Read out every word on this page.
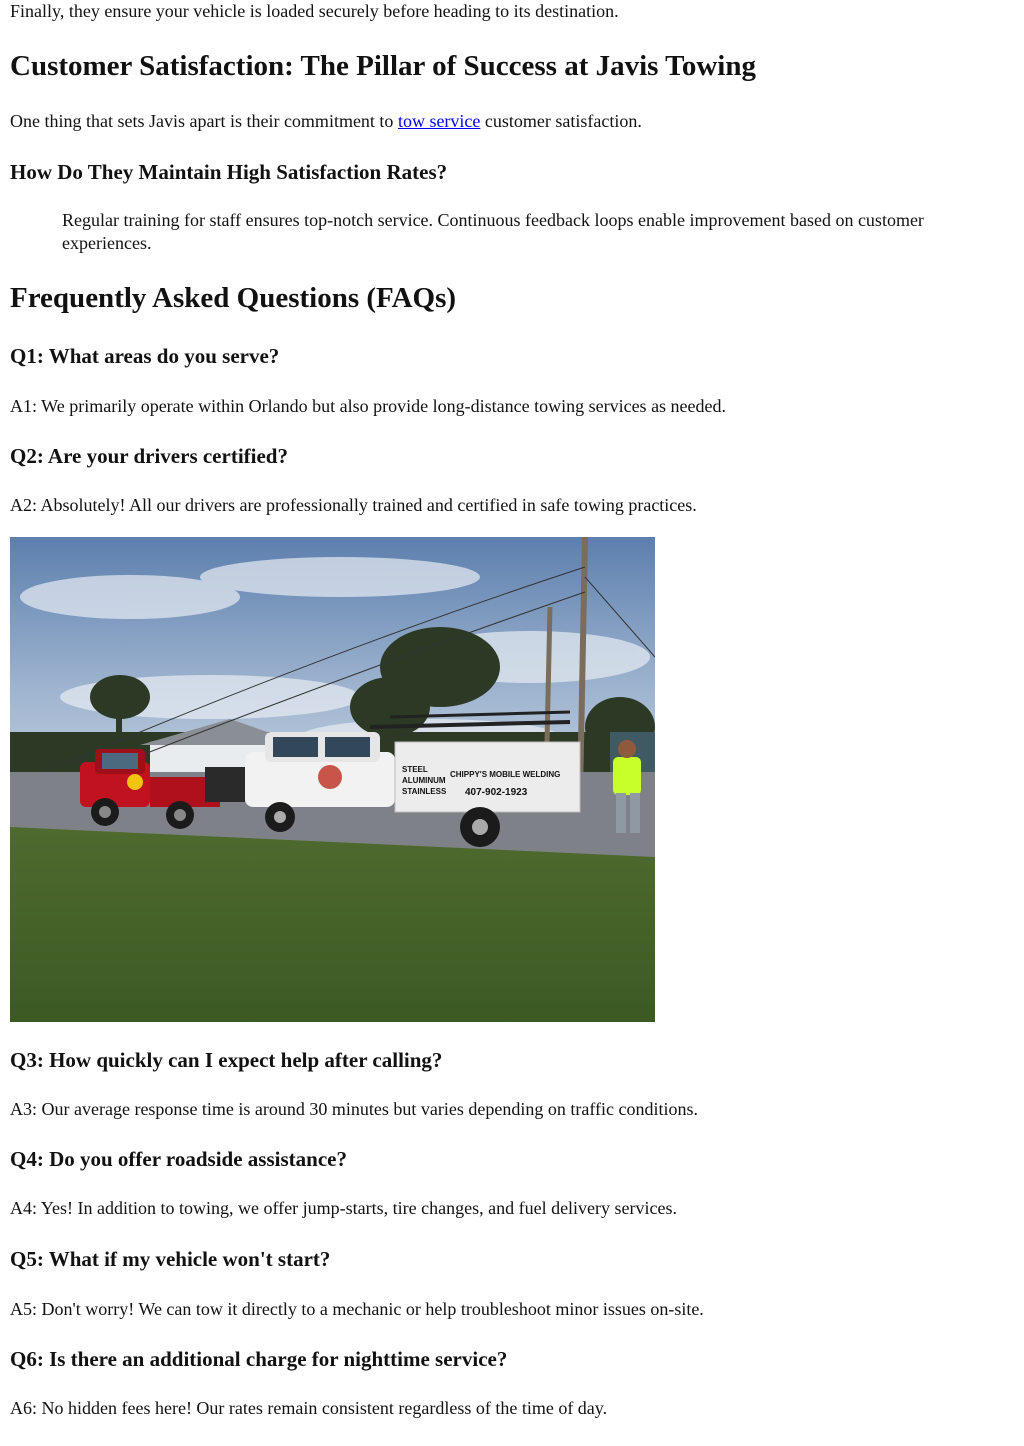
Finally, they ensure your vehicle is loaded securely before heading to its destination.

Customer Satisfaction: The Pillar of Success at Javis Towing

One thing that sets Javis apart is their commitment to tow service customer satisfaction.

How Do They Maintain High Satisfaction Rates?

Regular training for staff ensures top-notch service. Continuous feedback loops enable improvement based on customer experiences.

Frequently Asked Questions (FAQs)
Q1: What areas do you serve?

A1: We primarily operate within Orlando but also provide long-distance towing services as needed.

Q2: Are your drivers certified?

A2: Absolutely! All our drivers are professionally trained and certified in safe towing practices.

STEEL
ALUMINUM
STAINLESS
CHIPPY'S MOBILE WELDING
407-902-1923
Q3: How quickly can I expect help after calling?

A3: Our average response time is around 30 minutes but varies depending on traffic conditions.

Q4: Do you offer roadside assistance?

A4: Yes! In addition to towing, we offer jump-starts, tire changes, and fuel delivery services.

Q5: What if my vehicle won't start?

A5: Don't worry! We can tow it directly to a mechanic or help troubleshoot minor issues on-site.

Q6: Is there an additional charge for nighttime service?

A6: No hidden fees here! Our rates remain consistent regardless of the time of day.
